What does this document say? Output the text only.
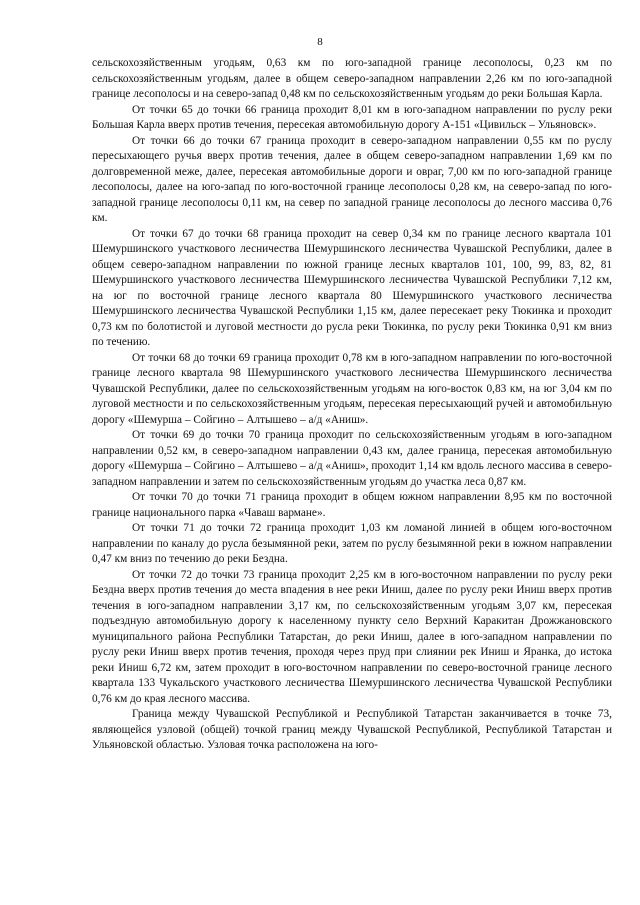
8

сельскохозяйственным угодьям, 0,63 км по юго-западной границе лесополосы, 0,23 км по сельскохозяйственным угодьям, далее в общем северо-западном направлении 2,26 км по юго-западной границе лесополосы и на северо-запад 0,48 км по сельскохозяйственным угодьям до реки Большая Карла.

От точки 65 до точки 66 граница проходит 8,01 км в юго-западном направлении по руслу реки Большая Карла вверх против течения, пересекая автомобильную дорогу А-151 «Цивильск – Ульяновск».

От точки 66 до точки 67 граница проходит в северо-западном направлении 0,55 км по руслу пересыхающего ручья вверх против течения, далее в общем северо-западном направлении 1,69 км по долговременной меже, далее, пересекая автомобильные дороги и овраг, 7,00 км по юго-западной границе лесополосы, далее на юго-запад по юго-восточной границе лесополосы 0,28 км, на северо-запад по юго-западной границе лесополосы 0,11 км, на север по западной границе лесополосы до лесного массива 0,76 км.

От точки 67 до точки 68 граница проходит на север 0,34 км по границе лесного квартала 101 Шемуршинского участкового лесничества Шемуршинского лесничества Чувашской Республики, далее в общем северо-западном направлении по южной границе лесных кварталов 101, 100, 99, 83, 82, 81 Шемуршинского участкового лесничества Шемуршинского лесничества Чувашской Республики 7,12 км, на юг по восточной границе лесного квартала 80 Шемуршинского участкового лесничества Шемуршинского лесничества Чувашской Республики 1,15 км, далее пересекает реку Тюкинка и проходит 0,73 км по болотистой и луговой местности до русла реки Тюкинка, по руслу реки Тюкинка 0,91 км вниз по течению.

От точки 68 до точки 69 граница проходит 0,78 км в юго-западном направлении по юго-восточной границе лесного квартала 98 Шемуршинского участкового лесничества Шемуршинского лесничества Чувашской Республики, далее по сельскохозяйственным угодьям на юго-восток 0,83 км, на юг 3,04 км по луговой местности и по сельскохозяйственным угодьям, пересекая пересыхающий ручей и автомобильную дорогу «Шемурша – Сойгино – Алтышево – а/д «Аниш».

От точки 69 до точки 70 граница проходит по сельскохозяйственным угодьям в юго-западном направлении 0,52 км, в северо-западном направлении 0,43 км, далее граница, пересекая автомобильную дорогу «Шемурша – Сойгино – Алтышево – а/д «Аниш», проходит 1,14 км вдоль лесного массива в северо-западном направлении и затем по сельскохозяйственным угодьям до участка леса 0,87 км.

От точки 70 до точки 71 граница проходит в общем южном направлении 8,95 км по восточной границе национального парка «Чаваш вармане».

От точки 71 до точки 72 граница проходит 1,03 км ломаной линией в общем юго-восточном направлении по каналу до русла безымянной реки, затем по руслу безымянной реки в южном направлении 0,47 км вниз по течению до реки Бездна.

От точки 72 до точки 73 граница проходит 2,25 км в юго-восточном направлении по руслу реки Бездна вверх против течения до места впадения в нее реки Иниш, далее по руслу реки Иниш вверх против течения в юго-западном направлении 3,17 км, по сельскохозяйственным угодьям 3,07 км, пересекая подъездную автомобильную дорогу к населенному пункту село Верхний Каракитан Дрожжановского муниципального района Республики Татарстан, до реки Иниш, далее в юго-западном направлении по руслу реки Иниш вверх против течения, проходя через пруд при слиянии рек Иниш и Яранка, до истока реки Иниш 6,72 км, затем проходит в юго-восточном направлении по северо-восточной границе лесного квартала 133 Чукальского участкового лесничества Шемуршинского лесничества Чувашской Республики 0,76 км до края лесного массива.

Граница между Чувашской Республикой и Республикой Татарстан заканчивается в точке 73, являющейся узловой (общей) точкой границ между Чувашской Республикой, Республикой Татарстан и Ульяновской областью. Узловая точка расположена на юго-
